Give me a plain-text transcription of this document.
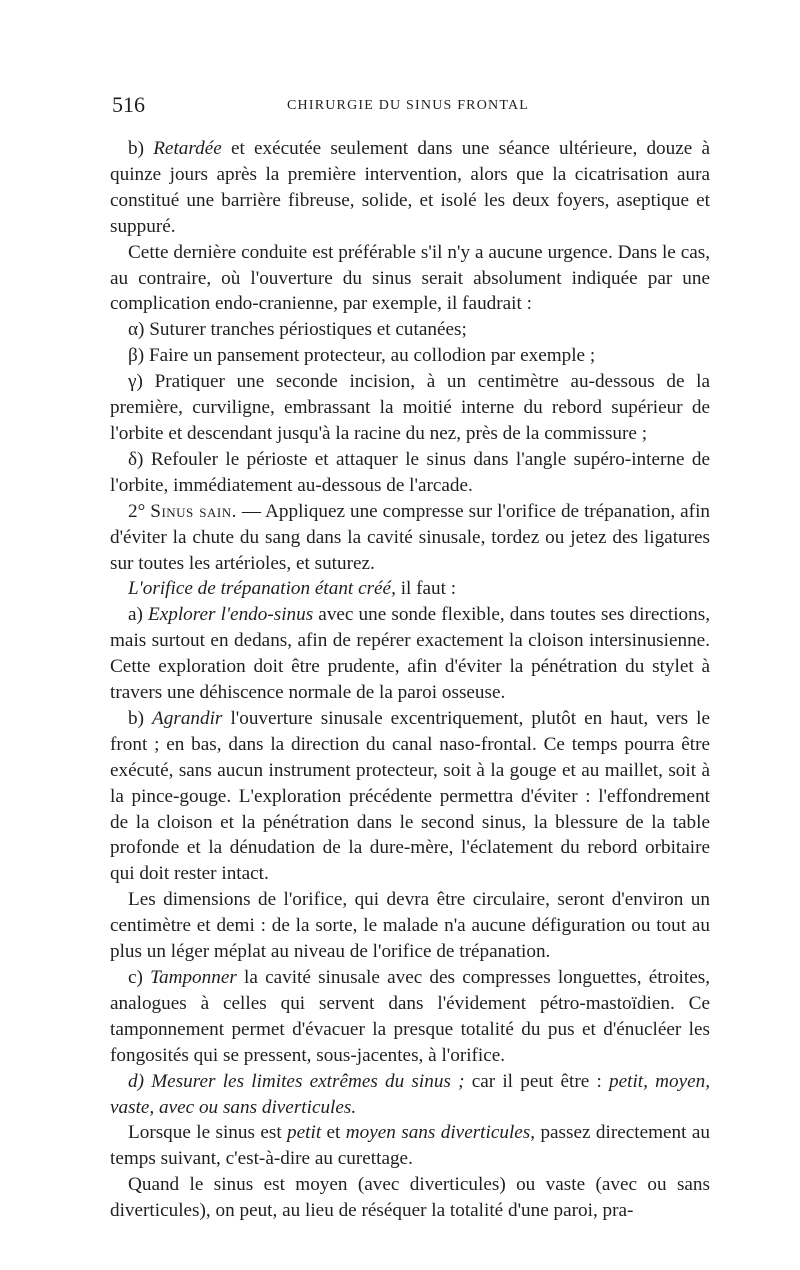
516	CHIRURGIE DU SINUS FRONTAL

b) Retardée et exécutée seulement dans une séance ultérieure, douze à quinze jours après la première intervention, alors que la cicatrisation aura constitué une barrière fibreuse, solide, et isolé les deux foyers, aseptique et suppuré.

Cette dernière conduite est préférable s'il n'y a aucune urgence. Dans le cas, au contraire, où l'ouverture du sinus serait absolument indiquée par une complication endo-cranienne, par exemple, il faudrait :

α) Suturer tranches périostiques et cutanées;

β) Faire un pansement protecteur, au collodion par exemple ;

γ) Pratiquer une seconde incision, à un centimètre au-dessous de la première, curviligne, embrassant la moitié interne du rebord supérieur de l'orbite et descendant jusqu'à la racine du nez, près de la commissure ;

δ) Refouler le périoste et attaquer le sinus dans l'angle supéro-interne de l'orbite, immédiatement au-dessous de l'arcade.

2° Sinus sain. — Appliquez une compresse sur l'orifice de trépanation, afin d'éviter la chute du sang dans la cavité sinusale, tordez ou jetez des ligatures sur toutes les artérioles, et suturez.

L'orifice de trépanation étant créé, il faut :

a) Explorer l'endo-sinus avec une sonde flexible, dans toutes ses directions, mais surtout en dedans, afin de repérer exactement la cloison intersinusienne. Cette exploration doit être prudente, afin d'éviter la pénétration du stylet à travers une déhiscence normale de la paroi osseuse.

b) Agrandir l'ouverture sinusale excentriquement, plutôt en haut, vers le front ; en bas, dans la direction du canal naso-frontal. Ce temps pourra être exécuté, sans aucun instrument protecteur, soit à la gouge et au maillet, soit à la pince-gouge. L'exploration précédente permettra d'éviter : l'effondrement de la cloison et la pénétration dans le second sinus, la blessure de la table profonde et la dénudation de la dure-mère, l'éclatement du rebord orbitaire qui doit rester intact.

Les dimensions de l'orifice, qui devra être circulaire, seront d'environ un centimètre et demi : de la sorte, le malade n'a aucune défiguration ou tout au plus un léger méplat au niveau de l'orifice de trépanation.

c) Tamponner la cavité sinusale avec des compresses longuettes, étroites, analogues à celles qui servent dans l'évidement pétro-mastoïdien. Ce tamponnement permet d'évacuer la presque totalité du pus et d'énucléer les fongosités qui se pressent, sous-jacentes, à l'orifice.

d) Mesurer les limites extrêmes du sinus ; car il peut être : petit, moyen, vaste, avec ou sans diverticules.

Lorsque le sinus est petit et moyen sans diverticules, passez directement au temps suivant, c'est-à-dire au curettage.

Quand le sinus est moyen (avec diverticules) ou vaste (avec ou sans diverticules), on peut, au lieu de réséquer la totalité d'une paroi, pra-
